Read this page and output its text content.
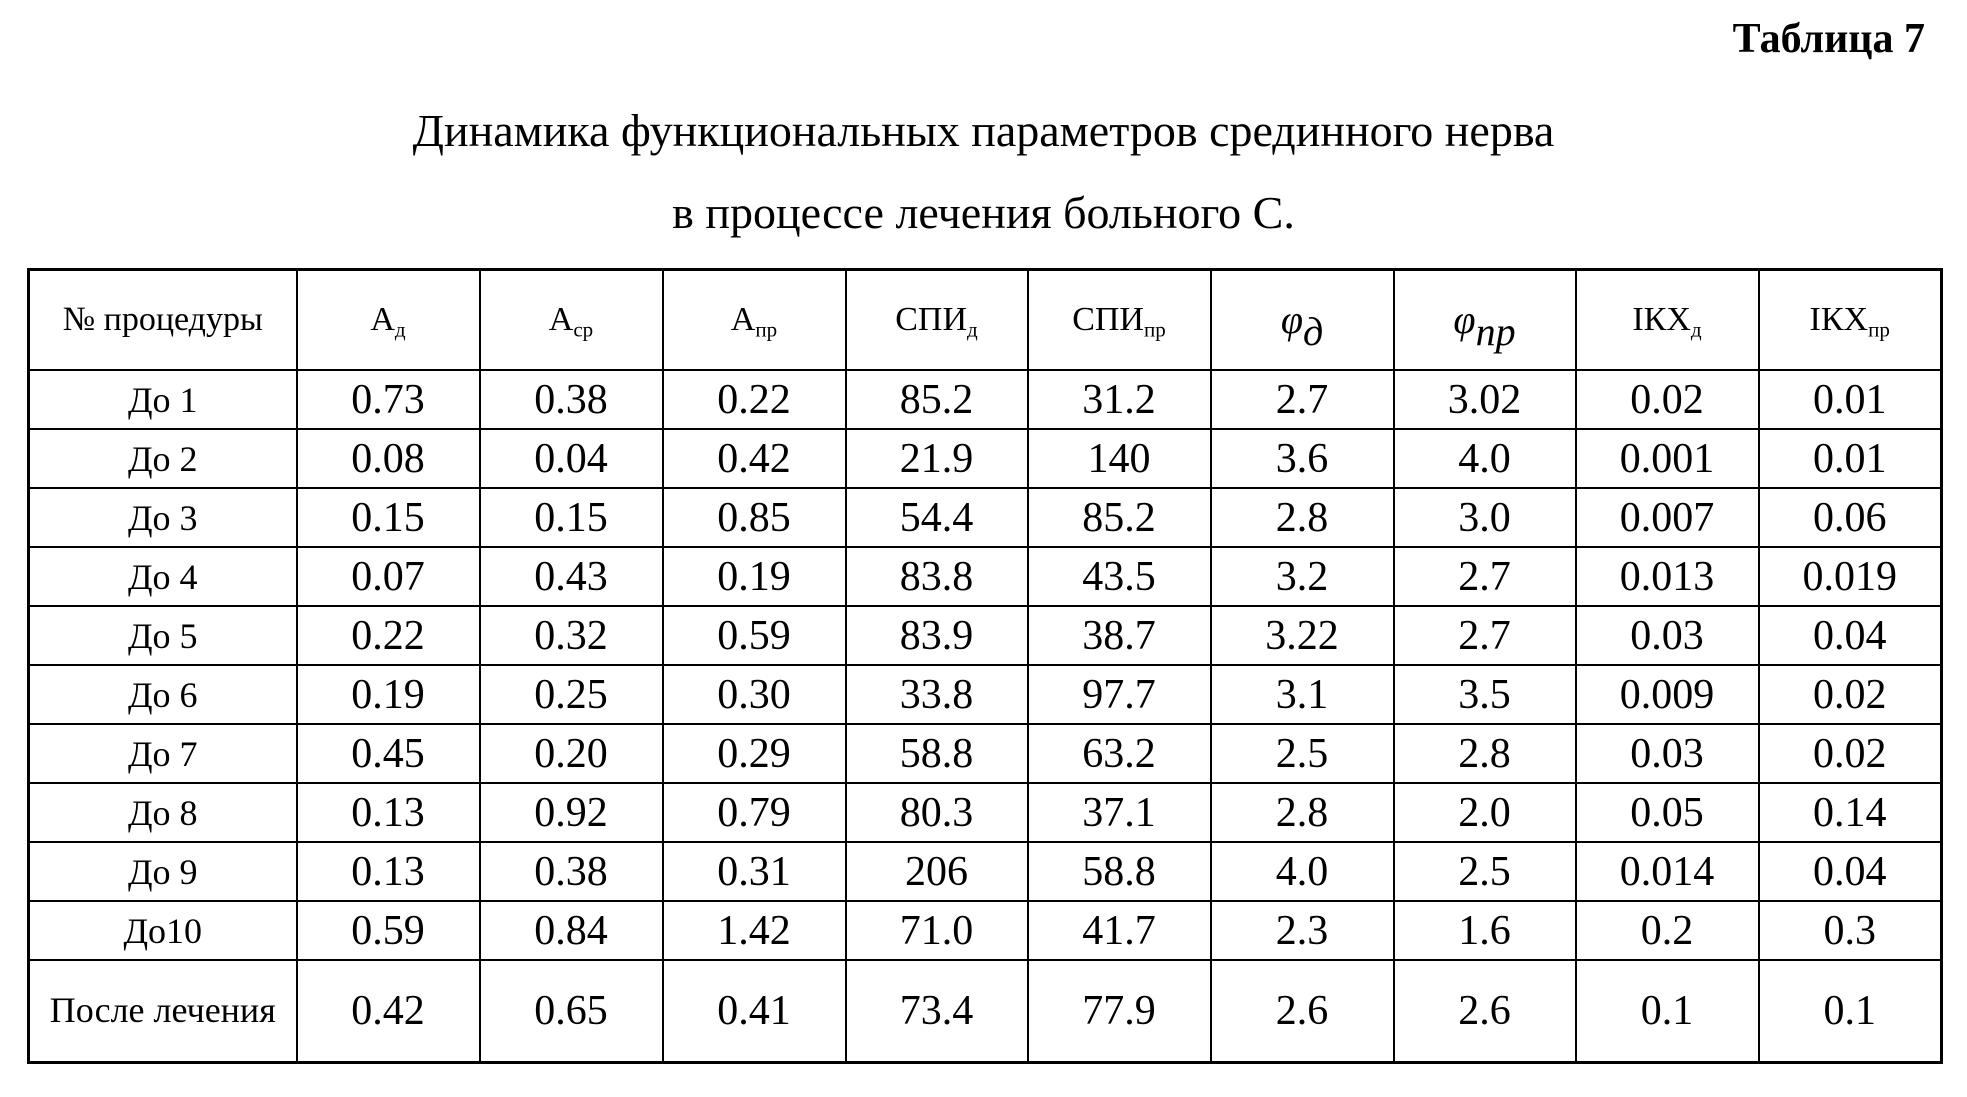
Таблица 7
Динамика функциональных параметров срединного нерва
в процессе лечения больного С.
№ процедуры	$А_д$	$А_{ср}$	$А_{пр}$	$СПИ_д$	$СПИ_{пр}$	$\varphi_д$	$\varphi_{пр}$	$IКХ_д$	$IКХ_{пр}$
До 1	0.73	0.38	0.22	85.2	31.2	2.7	3.02	0.02	0.01
До 2	0.08	0.04	0.42	21.9	140	3.6	4.0	0.001	0.01
До 3	0.15	0.15	0.85	54.4	85.2	2.8	3.0	0.007	0.06
До 4	0.07	0.43	0.19	83.8	43.5	3.2	2.7	0.013	0.019
До 5	0.22	0.32	0.59	83.9	38.7	3.22	2.7	0.03	0.04
До 6	0.19	0.25	0.30	33.8	97.7	3.1	3.5	0.009	0.02
До 7	0.45	0.20	0.29	58.8	63.2	2.5	2.8	0.03	0.02
До 8	0.13	0.92	0.79	80.3	37.1	2.8	2.0	0.05	0.14
До 9	0.13	0.38	0.31	206	58.8	4.0	2.5	0.014	0.04
До10	0.59	0.84	1.42	71.0	41.7	2.3	1.6	0.2	0.3
После лечения	0.42	0.65	0.41	73.4	77.9	2.6	2.6	0.1	0.1
